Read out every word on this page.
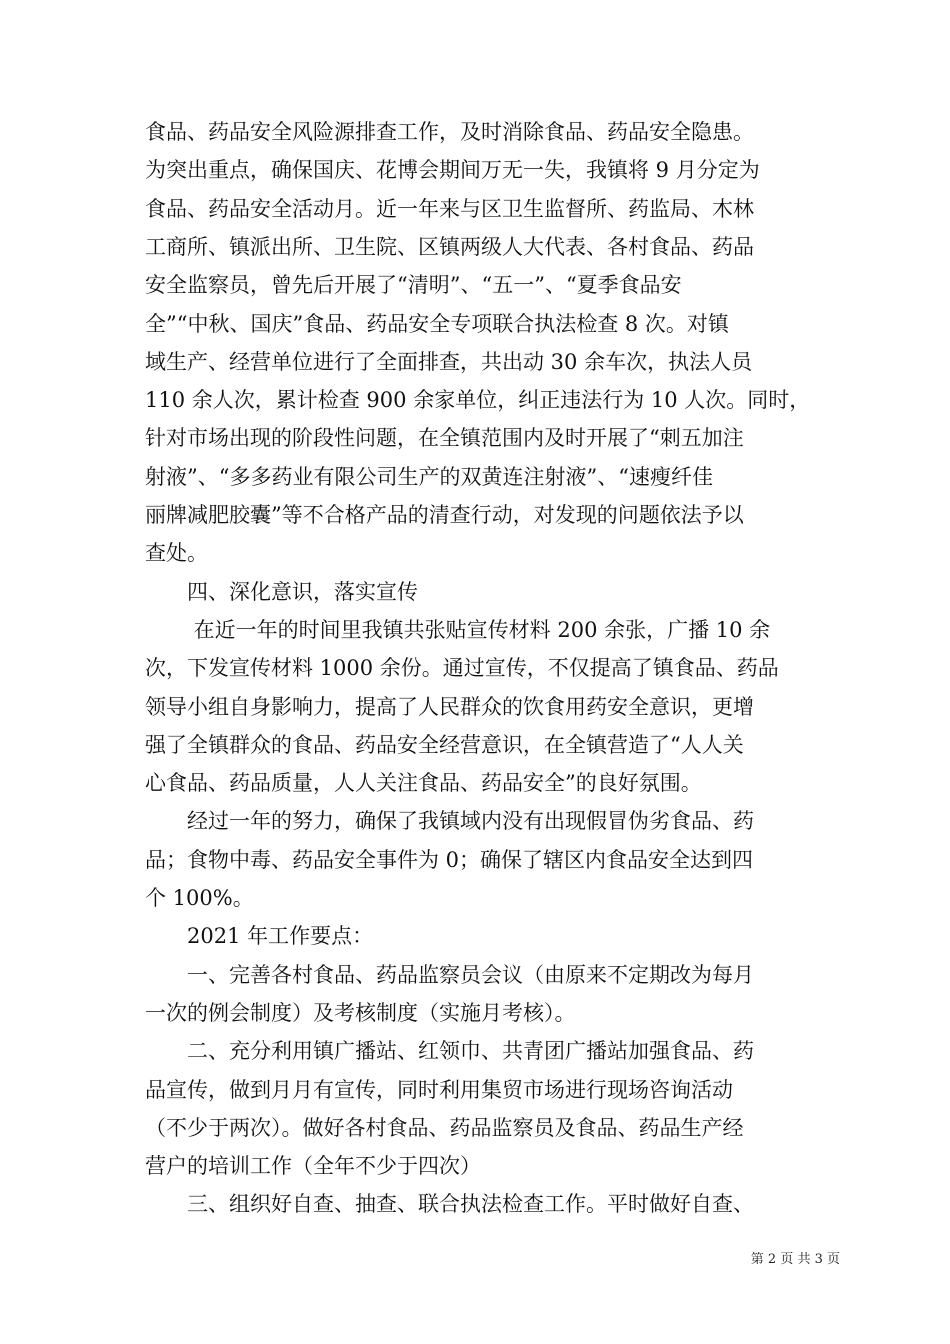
食品、药品安全风险源排查工作，及时消除食品、药品安全隐患。
为突出重点，确保国庆、花博会期间万无一失，我镇将 9 月分定为
食品、药品安全活动月。近一年来与区卫生监督所、药监局、木林
工商所、镇派出所、卫生院、区镇两级人大代表、各村食品、药品
安全监察员，曾先后开展了“清明”、“五一”、“夏季食品安
全”“中秋、国庆”食品、药品安全专项联合执法检查 8 次。对镇
域生产、经营单位进行了全面排查，共出动 30 余车次，执法人员
110 余人次，累计检查 900 余家单位，纠正违法行为 10 人次。同时，
针对市场出现的阶段性问题，在全镇范围内及时开展了“刺五加注
射液”、“多多药业有限公司生产的双黄连注射液”、“速瘦纤佳
丽牌减肥胶囊”等不合格产品的清查行动，对发现的问题依法予以
查处。
　　四、深化意识，落实宣传
　　 在近一年的时间里我镇共张贴宣传材料 200 余张，广播 10 余
次，下发宣传材料 1000 余份。通过宣传，不仅提高了镇食品、药品
领导小组自身影响力，提高了人民群众的饮食用药安全意识，更增
强了全镇群众的食品、药品安全经营意识，在全镇营造了“人人关
心食品、药品质量，人人关注食品、药品安全”的良好氛围。
　　经过一年的努力，确保了我镇域内没有出现假冒伪劣食品、药
品；食物中毒、药品安全事件为 0；确保了辖区内食品安全达到四
个 100%。
　　2021 年工作要点：
　　一、完善各村食品、药品监察员会议（由原来不定期改为每月
一次的例会制度）及考核制度（实施月考核）。
　　二、充分利用镇广播站、红领巾、共青团广播站加强食品、药
品宣传，做到月月有宣传，同时利用集贸市场进行现场咨询活动
（不少于两次）。做好各村食品、药品监察员及食品、药品生产经
营户的培训工作（全年不少于四次）
　　三、组织好自查、抽查、联合执法检查工作。平时做好自查、
第 2 页 共 3 页
